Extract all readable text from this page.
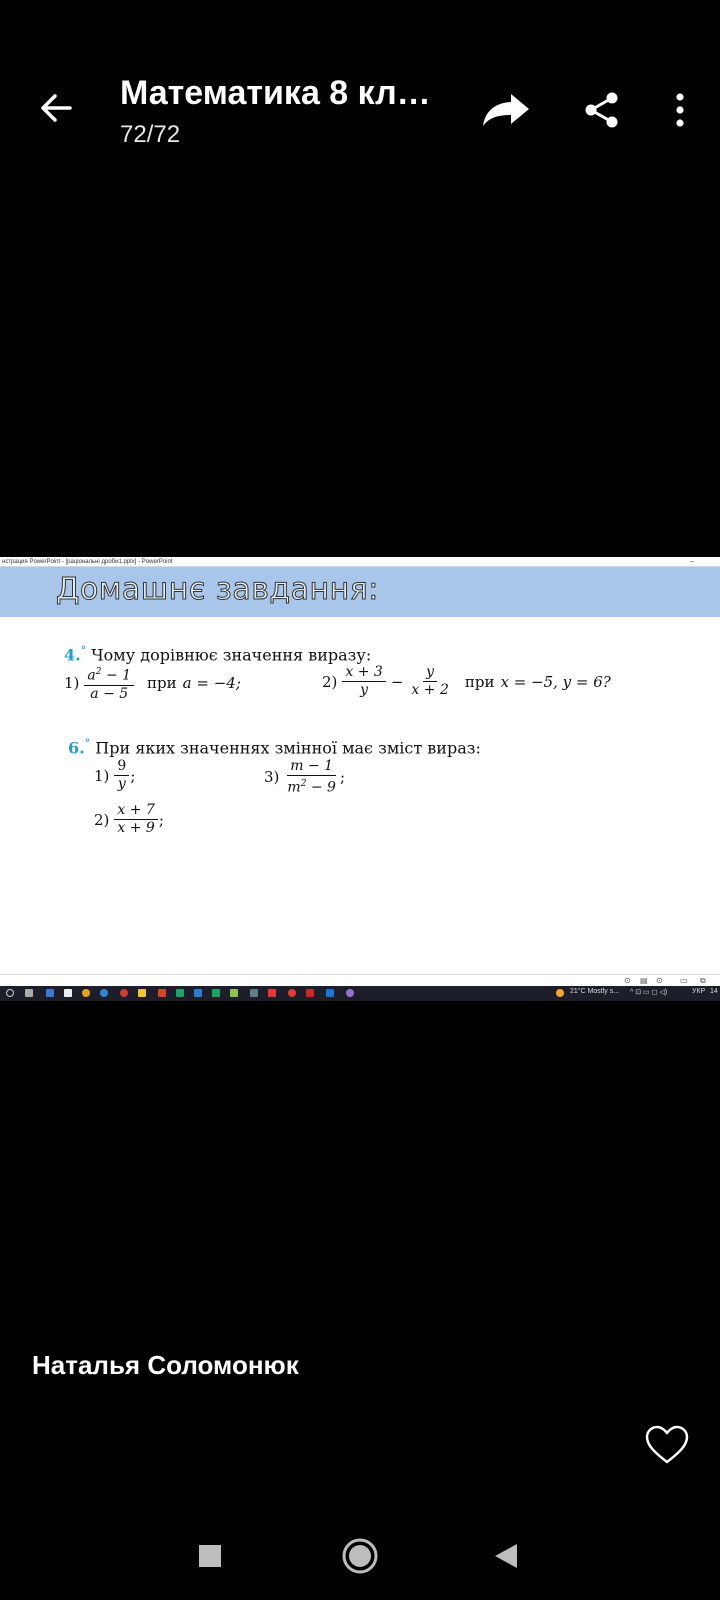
Математика 8 кл…
72/72
нстрация PowerPoint - [раціональні дроби1.pptx] - PowerPoint	–
Домашнє завдання:
4.° Чому дорівнює значення виразу:
$1) \frac{a^2 - 1}{a - 5}$ при a = −4;	$2) \frac{x + 3}{y} - \frac{y}{x + 2}$ при x = −5, y = 6?
6.° При яких значеннях змінної має зміст вираз:
$1) \frac{9}{y}$ ;	$3) \frac{m - 1}{m^2 - 9}$ ;
$2) \frac{x + 7}{x + 9}$ ;
⊙ ▤ ⊙ ▭ ⧉
21°C Mostly s... ^ ⊡ ▭ ◻ ◁)	УКР 14
Наталья Соломонюк
